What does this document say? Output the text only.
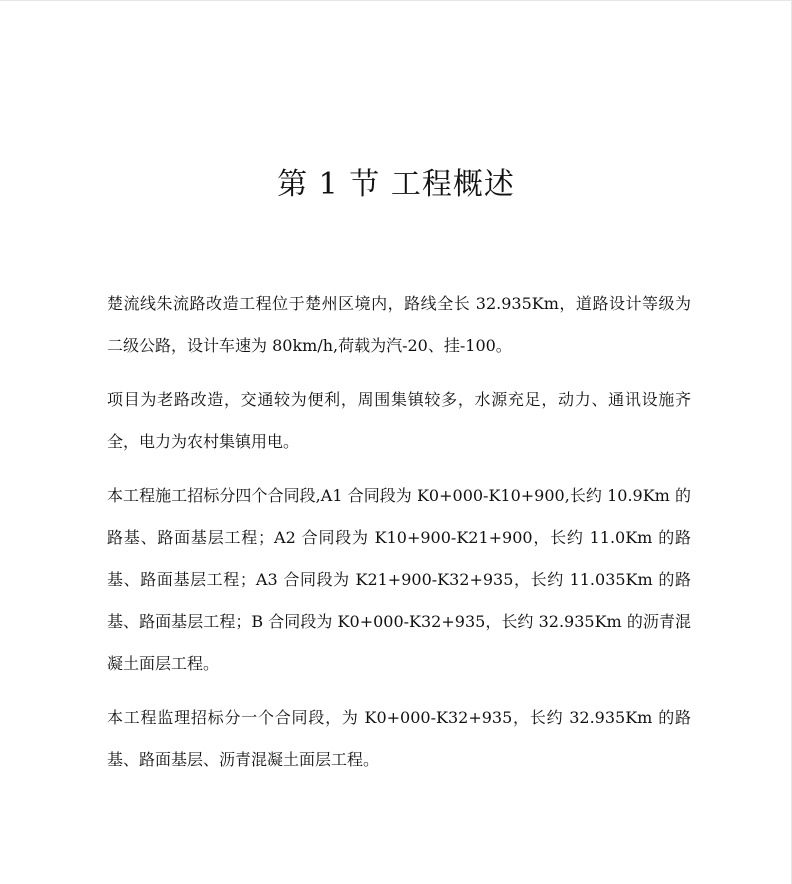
第 1 节 工程概述

楚流线朱流路改造工程位于楚州区境内，路线全长 32.935Km，道路设计等级为二级公路，设计车速为 80km/h,荷载为汽-20、挂-100。

项目为老路改造，交通较为便利，周围集镇较多，水源充足，动力、通讯设施齐全，电力为农村集镇用电。

本工程施工招标分四个合同段,A1 合同段为 K0+000-K10+900,长约 10.9Km 的路基、路面基层工程；A2 合同段为 K10+900-K21+900，长约 11.0Km 的路基、路面基层工程；A3 合同段为 K21+900-K32+935，长约 11.035Km 的路基、路面基层工程；B 合同段为 K0+000-K32+935，长约 32.935Km 的沥青混凝土面层工程。

本工程监理招标分一个合同段，为 K0+000-K32+935，长约 32.935Km 的路基、路面基层、沥青混凝土面层工程。
